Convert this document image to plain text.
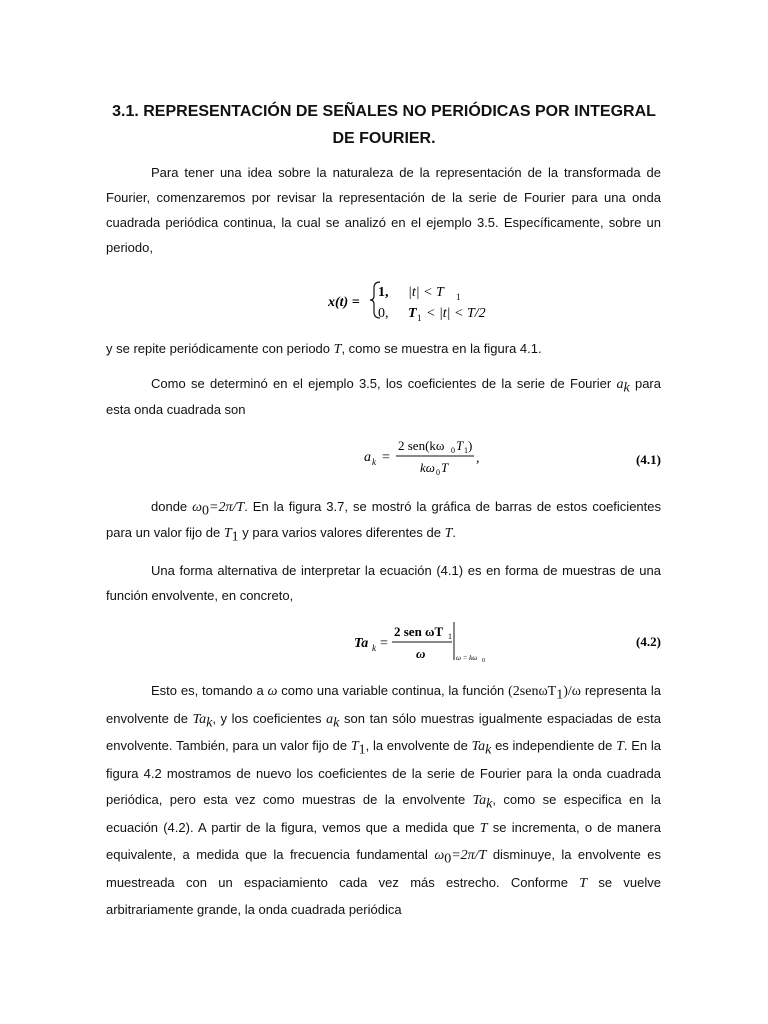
3.1. REPRESENTACIÓN DE SEÑALES NO PERIÓDICAS POR INTEGRAL
DE FOURIER.

Para tener una idea sobre la naturaleza de la representación de la transformada de Fourier, comenzaremos por revisar la representación de la serie de Fourier para una onda cuadrada periódica continua, la cual se analizó en el ejemplo 3.5. Específicamente, sobre un periodo,

x(t) =
1, |t| < T 1
0, T 1 < |t| < T/2

y se repite periódicamente con periodo T, como se muestra en la figura 4.1.

Como se determinó en el ejemplo 3.5, los coeficientes de la serie de Fourier $a_k$ para esta onda cuadrada son

a k =
2 sen(kω 0 T 1 )
kω 0 T
,	(4.1)

donde $\omega_0=2\pi/T$. En la figura 3.7, se mostró la gráfica de barras de estos coeficientes para un valor fijo de $T_1$ y para varios valores diferentes de T.

Una forma alternativa de interpretar la ecuación (4.1) es en forma de muestras de una función envolvente, en concreto,

Ta k =
2 sen ωT 1
ω	ω = kω 0
(4.2)

Esto es, tomando a ω como una variable continua, la función (2senωT$_1$)/ω representa la envolvente de $Ta_k$, y los coeficientes $a_k$ son tan sólo muestras igualmente espaciadas de esta envolvente. También, para un valor fijo de $T_1$, la envolvente de $Ta_k$ es independiente de T. En la figura 4.2 mostramos de nuevo los coeficientes de la serie de Fourier para la onda cuadrada periódica, pero esta vez como muestras de la envolvente $Ta_k$, como se especifica en la ecuación (4.2). A partir de la figura, vemos que a medida que T se incrementa, o de manera equivalente, a medida que la frecuencia fundamental $\omega_0=2\pi/T$ disminuye, la envolvente es muestreada con un espaciamiento cada vez más estrecho. Conforme T se vuelve arbitrariamente grande, la onda cuadrada periódica
